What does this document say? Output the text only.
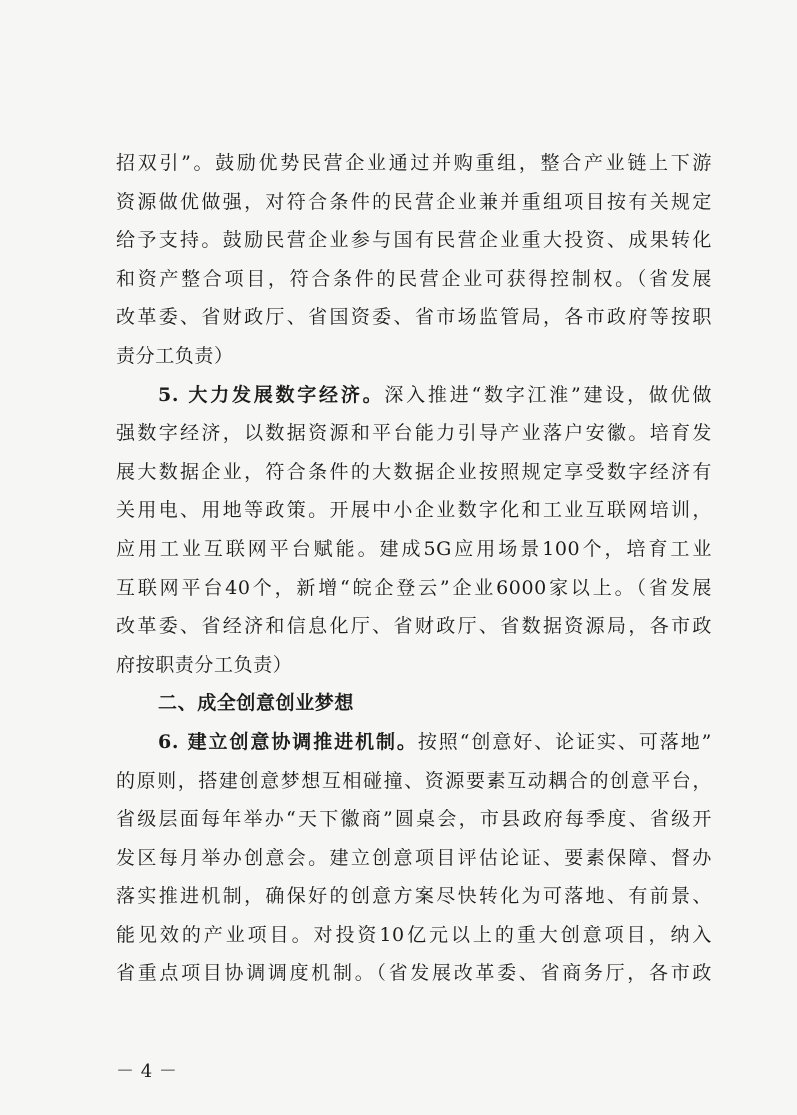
招双引”。鼓励优势民营企业通过并购重组，整合产业链上下游
资源做优做强，对符合条件的民营企业兼并重组项目按有关规定
给予支持。鼓励民营企业参与国有民营企业重大投资、成果转化
和资产整合项目，符合条件的民营企业可获得控制权。（省发展
改革委、省财政厅、省国资委、省市场监管局，各市政府等按职
责分工负责）
5. 大力发展数字经济。深入推进“数字江淮”建设，做优做
强数字经济，以数据资源和平台能力引导产业落户安徽。培育发
展大数据企业，符合条件的大数据企业按照规定享受数字经济有
关用电、用地等政策。开展中小企业数字化和工业互联网培训，
应用工业互联网平台赋能。建成5G应用场景100个，培育工业
互联网平台40个，新增“皖企登云”企业6000家以上。（省发展
改革委、省经济和信息化厅、省财政厅、省数据资源局，各市政
府按职责分工负责）
二、成全创意创业梦想
6. 建立创意协调推进机制。按照“创意好、论证实、可落地”
的原则，搭建创意梦想互相碰撞、资源要素互动耦合的创意平台，
省级层面每年举办“天下徽商”圆桌会，市县政府每季度、省级开
发区每月举办创意会。建立创意项目评估论证、要素保障、督办
落实推进机制，确保好的创意方案尽快转化为可落地、有前景、
能见效的产业项目。对投资10亿元以上的重大创意项目，纳入
省重点项目协调调度机制。（省发展改革委、省商务厅，各市政
－ 4 －
